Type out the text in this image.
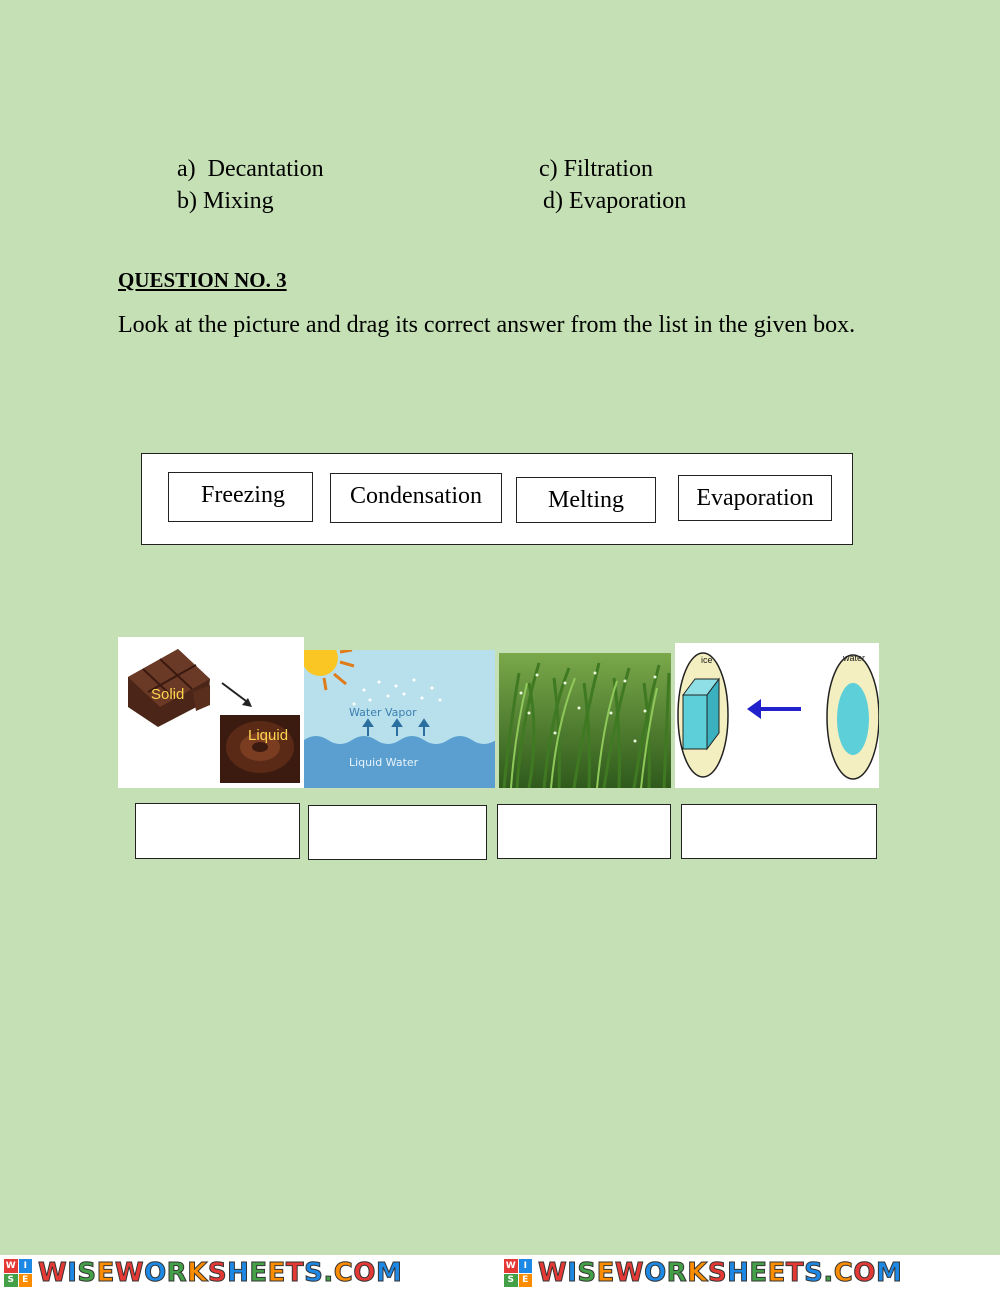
a)  Decantation
b) Mixing
c) Filtration
d) Evaporation
QUESTION NO. 3
Look at the picture and drag its correct answer from the list in the given box.
Freezing	Condensation	Melting	Evaporation
Solid
Liquid
Water Vapor
Liquid Water
ice	water
W I
S E WISEWORKSHEETS.COM	W I
S E WISEWORKSHEETS.COM
